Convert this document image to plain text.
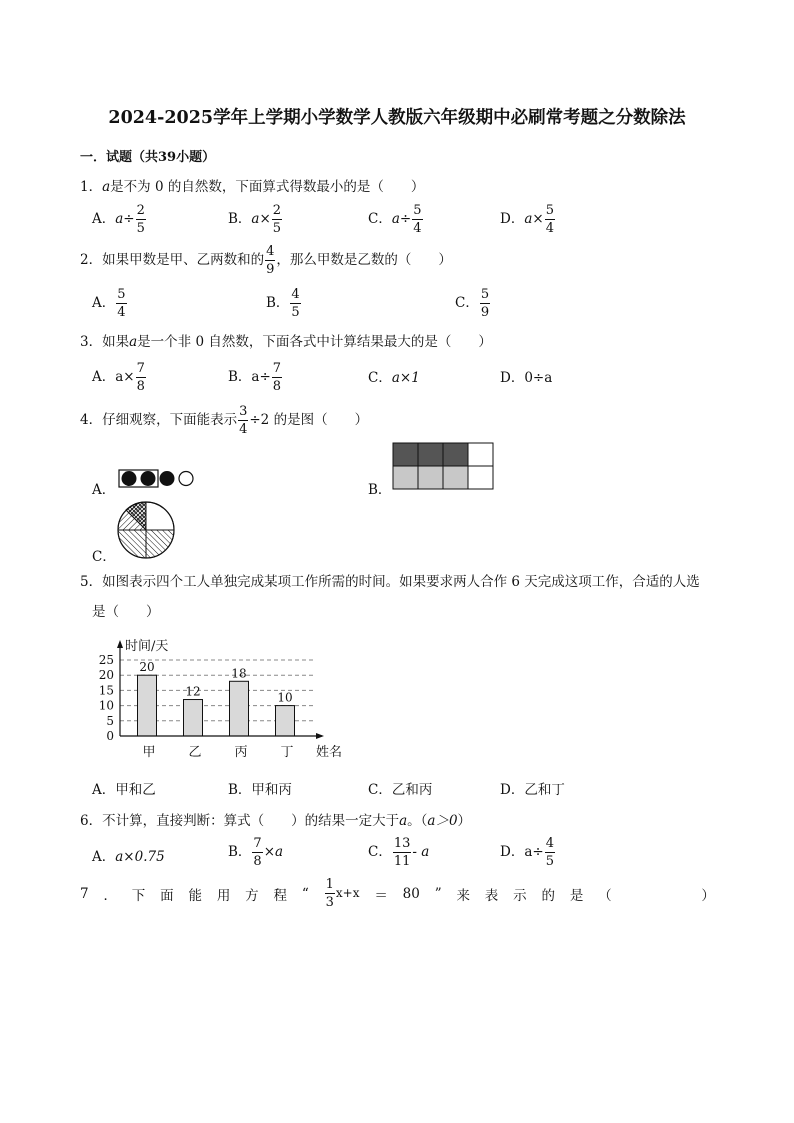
2024-2025学年上学期小学数学人教版六年级期中必刷常考题之分数除法
一．试题（共39小题）
1．a是不为 0 的自然数，下面算式得数最小的是（　　）
A．$a\div \frac{2}{5}$	B．$a\times \frac{2}{5}$	C．$a\div \frac{5}{4}$	D．$a\times \frac{5}{4}$
2．如果甲数是甲、乙两数和的 $\frac{4}{9}$ ，那么甲数是乙数的（　　）
A． $\frac{5}{4}$	B． $\frac{4}{5}$	C． $\frac{5}{9}$
3．如果a是一个非 0 自然数，下面各式中计算结果最大的是（　　）
A．$a\times \frac{7}{8}$	B．$a\div \frac{7}{8}$	C．a×1	D．0÷a
4．仔细观察，下面能表示 $\frac{3}{4} \div 2$ 的是图（　　）
A．	B．
C．
5．如图表示四个工人单独完成某项工作所需的时间。如果要求两人合作 6 天完成这项工作，合适的人选
是（　　）
25
20
15
10
5
0
20
甲
12
乙
18
丙
10
丁
时间/天
姓名
A．甲和乙	B．甲和丙	C．乙和丙	D．乙和丁
6．不计算，直接判断：算式（　　）的结果一定大于a。（a＞0）
A．a×0.75	B． $\frac{7}{8} \times a$	C． $\frac{13}{11}$ - a	D．$a\div \frac{4}{5}$
7 ． 下 面 能 用 方 程 “ $\frac{1}{3} x+x = 80$ ” 来 表 示 的 是 （	）
